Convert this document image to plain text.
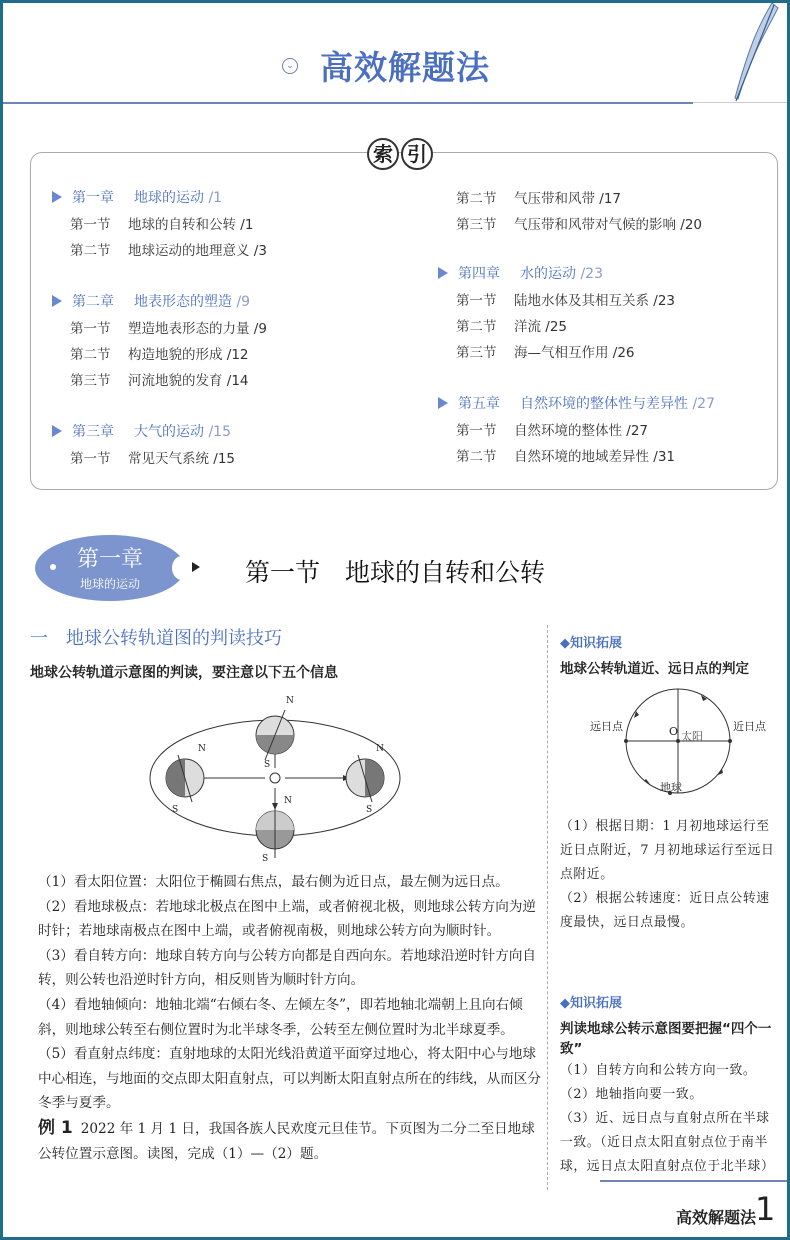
⌄ 高效解题法
索 引
第一章 地球的运动 /1
第一节 地球的自转和公转 /1
第二节 地球运动的地理意义 /3
第二章 地表形态的塑造 /9
第一节 塑造地表形态的力量 /9
第二节 构造地貌的形成 /12
第三节 河流地貌的发育 /14
第三章 大气的运动 /15
第一节 常见天气系统 /15
第二节 气压带和风带 /17
第三节 气压带和风带对气候的影响 /20
第四章 水的运动 /23
第一节 陆地水体及其相互关系 /23
第二节 洋流 /25
第三节 海—气相互作用 /26
第五章 自然环境的整体性与差异性 /27
第一节 自然环境的整体性 /27
第二节 自然环境的地域差异性 /31
第一章
地球的运动	第一节　地球的自转和公转
一　地球公转轨道图的判读技巧
地球公转轨道示意图的判读，要注意以下五个信息
N
S
N
S
N
S
N
S

（1）看太阳位置：太阳位于椭圆右焦点，最右侧为近日点，最左侧为远日点。

（2）看地球极点：若地球北极点在图中上端，或者俯视北极，则地球公转方向为逆时针；若地球南极点在图中上端，或者俯视南极，则地球公转方向为顺时针。

（3）看自转方向：地球自转方向与公转方向都是自西向东。若地球沿逆时针方向自转，则公转也沿逆时针方向，相反则皆为顺时针方向。

（4）看地轴倾向：地轴北端“右倾右冬、左倾左冬”，即若地轴北端朝上且向右倾斜，则地球公转至右侧位置时为北半球冬季，公转至左侧位置时为北半球夏季。

（5）看直射点纬度：直射地球的太阳光线沿黄道平面穿过地心，将太阳中心与地球中心相连，与地面的交点即太阳直射点，可以判断太阳直射点所在的纬线，从而区分冬季与夏季。

例 1 2022 年 1 月 1 日，我国各族人民欢度元旦佳节。下页图为二分二至日地球公转位置示意图。读图，完成（1）—（2）题。

◆知识拓展
地球公转轨道近、远日点的判定
远日点	近日点
O 太阳
地球
（1）根据日期：1 月初地球运行至近日点附近，7 月初地球运行至远日点附近。
（2）根据公转速度：近日点公转速度最快，远日点最慢。
◆知识拓展
判读地球公转示意图要把握“四个一致”
（1）自转方向和公转方向一致。
（2）地轴指向要一致。
（3）近、远日点与直射点所在半球一致。（近日点太阳直射点位于南半球，远日点太阳直射点位于北半球）
高效解题法
1
